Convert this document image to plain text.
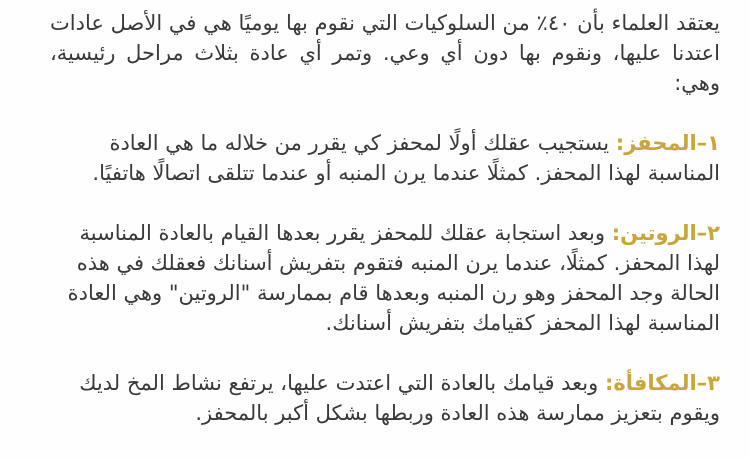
يعتقد العلماء بأن ٤٠٪ من السلوكيات التي نقوم بها يوميًا هي في الأصل عادات اعتدنا عليها، ونقوم بها دون أي وعي. وتمر أي عادة بثلاث مراحل رئيسية، وهي:

١–المحفز: يستجيب عقلك أولًا لمحفز كي يقرر من خلاله ما هي العادة المناسبة لهذا المحفز. كمثلًا عندما يرن المنبه أو عندما تتلقى اتصالًا هاتفيًا.

٢–الروتين: وبعد استجابة عقلك للمحفز يقرر بعدها القيام بالعادة المناسبة لهذا المحفز. كمثلًا، عندما يرن المنبه فتقوم بتفريش أسنانك فعقلك في هذه الحالة وجد المحفز وهو رن المنبه وبعدها قام بممارسة "الروتين" وهي العادة المناسبة لهذا المحفز كقيامك بتفريش أسنانك.

٣–المكافأة: وبعد قيامك بالعادة التي اعتدت عليها، يرتفع نشاط المخ لديك ويقوم بتعزيز ممارسة هذه العادة وربطها بشكل أكبر بالمحفز.
